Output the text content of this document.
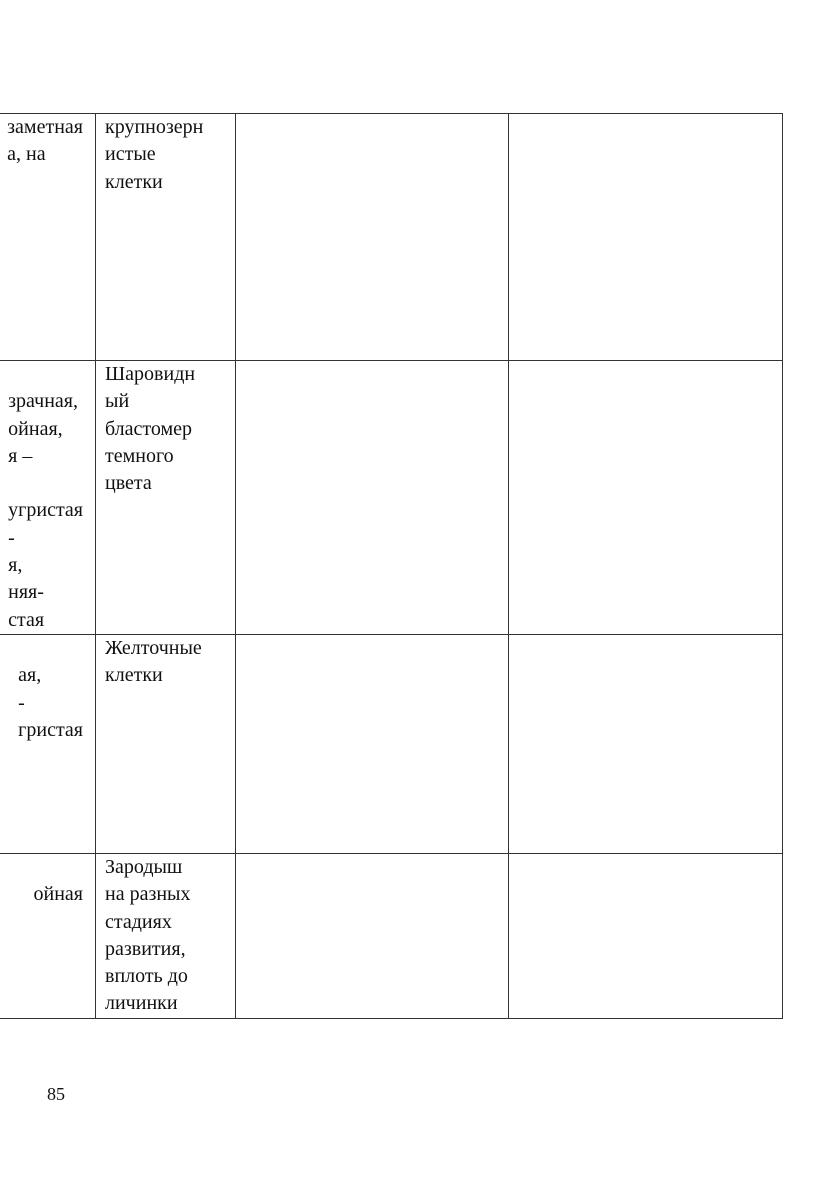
заметная
а, на
крупнозерн
истые
клетки

зрачная,
ойная,
я –

угристая
-
я,
няя-
стая
Шаровидн
ый
бластомер
темного
цвета

ая,
-
гристая
Желточные
клетки

ойная
Зародыш
на разных
стадиях
развития,
вплоть до
личинки
85
